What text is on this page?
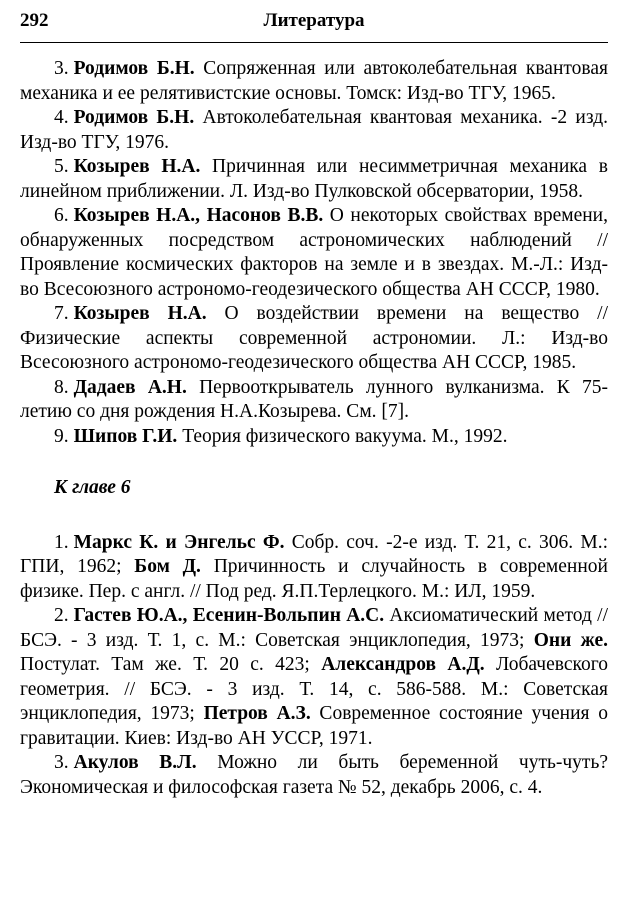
292	Литература

3. Родимов Б.Н. Сопряженная или автоколебательная квантовая механика и ее релятивистские основы. Томск: Изд-во ТГУ, 1965.

4. Родимов Б.Н. Автоколебательная квантовая механика. -2 изд. Изд-во ТГУ, 1976.

5. Козырев Н.А. Причинная или несимметричная механика в линейном приближении. Л. Изд-во Пулковской обсерватории, 1958.

6. Козырев Н.А., Насонов В.В. О некоторых свойствах времени, обнаруженных посредством астрономических наблюдений // Проявление космических факторов на земле и в звездах. М.-Л.: Изд-во Всесоюзного астрономо-геодезического общества АН СССР, 1980.

7. Козырев Н.А. О воздействии времени на вещество // Физические аспекты современной астрономии. Л.: Изд-во Всесоюзного астрономо-геодезического общества АН СССР, 1985.

8. Дадаев А.Н. Первооткрыватель лунного вулканизма. К 75-летию со дня рождения Н.А.Козырева. См. [7].

9. Шипов Г.И. Теория физического вакуума. М., 1992.

К главе 6

1. Маркс К. и Энгельс Ф. Собр. соч. -2-е изд. Т. 21, с. 306. М.: ГПИ, 1962; Бом Д. Причинность и случайность в современной физике. Пер. с англ. // Под ред. Я.П.Терлецкого. М.: ИЛ, 1959.

2. Гастев Ю.А., Есенин-Вольпин А.С. Аксиоматический метод // БСЭ. - 3 изд. Т. 1, с. М.: Советская энциклопедия, 1973; Они же. Постулат. Там же. Т. 20 с. 423; Александров А.Д. Лобачевского геометрия. // БСЭ. - 3 изд. Т. 14, с. 586-588. М.: Советская энциклопедия, 1973; Петров А.З. Современное состояние учения о гравитации. Киев: Изд-во АН УССР, 1971.

3. Акулов В.Л. Можно ли быть беременной чуть-чуть? Экономическая и философская газета № 52, декабрь 2006, с. 4.
